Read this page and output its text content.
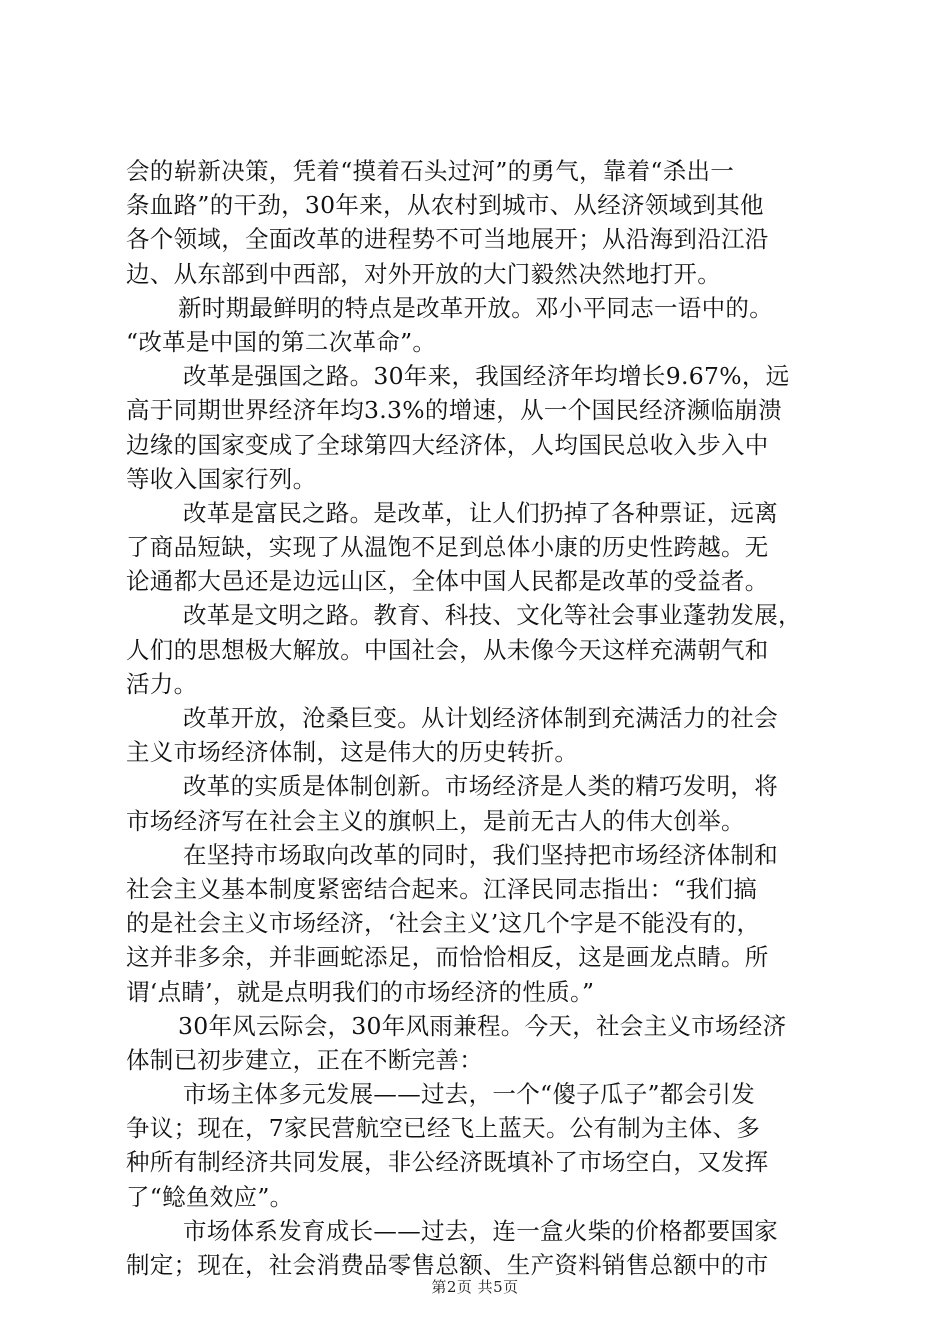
会的崭新决策，凭着“摸着石头过河”的勇气，靠着“杀出一
条血路”的干劲，30年来，从农村到城市、从经济领域到其他
各个领域，全面改革的进程势不可当地展开；从沿海到沿江沿
边、从东部到中西部，对外开放的大门毅然决然地打开。
新时期最鲜明的特点是改革开放。邓小平同志一语中的。
“改革是中国的第二次革命”。
改革是强国之路。30年来，我国经济年均增长9.67%，远
高于同期世界经济年均3.3%的增速，从一个国民经济濒临崩溃
边缘的国家变成了全球第四大经济体，人均国民总收入步入中
等收入国家行列。
改革是富民之路。是改革，让人们扔掉了各种票证，远离
了商品短缺，实现了从温饱不足到总体小康的历史性跨越。无
论通都大邑还是边远山区，全体中国人民都是改革的受益者。
改革是文明之路。教育、科技、文化等社会事业蓬勃发展，
人们的思想极大解放。中国社会，从未像今天这样充满朝气和
活力。
改革开放，沧桑巨变。从计划经济体制到充满活力的社会
主义市场经济体制，这是伟大的历史转折。
改革的实质是体制创新。市场经济是人类的精巧发明，将
市场经济写在社会主义的旗帜上，是前无古人的伟大创举。
在坚持市场取向改革的同时，我们坚持把市场经济体制和
社会主义基本制度紧密结合起来。江泽民同志指出：“我们搞
的是社会主义市场经济，‘社会主义’这几个字是不能没有的，
这并非多余，并非画蛇添足，而恰恰相反，这是画龙点睛。所
谓‘点睛’，就是点明我们的市场经济的性质。”
30年风云际会，30年风雨兼程。今天，社会主义市场经济
体制已初步建立，正在不断完善：
市场主体多元发展——过去，一个“傻子瓜子”都会引发
争议；现在，7家民营航空已经飞上蓝天。公有制为主体、多
种所有制经济共同发展，非公经济既填补了市场空白，又发挥
了“鲶鱼效应”。
市场体系发育成长——过去，连一盒火柴的价格都要国家
制定；现在，社会消费品零售总额、生产资料销售总额中的市
第2页 共5页
